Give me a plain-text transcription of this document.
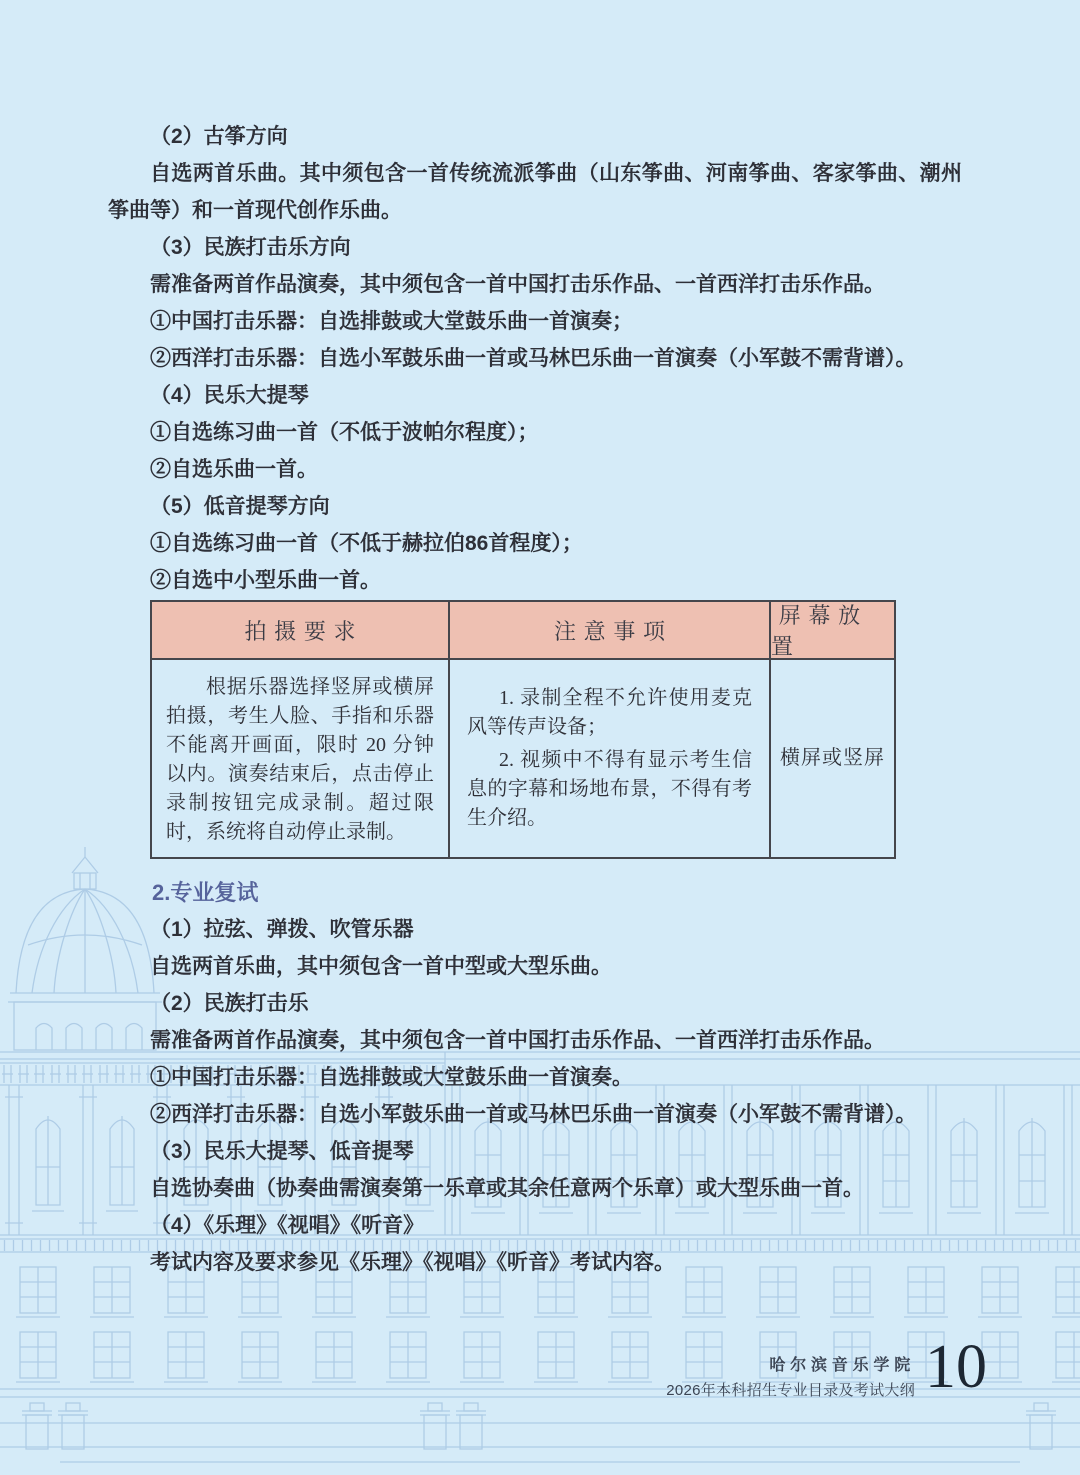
（2）古筝方向

自选两首乐曲。其中须包含一首传统流派筝曲（山东筝曲、河南筝曲、客家筝曲、潮州筝曲等）和一首现代创作乐曲。

（3）民族打击乐方向

需准备两首作品演奏，其中须包含一首中国打击乐作品、一首西洋打击乐作品。

①中国打击乐器：自选排鼓或大堂鼓乐曲一首演奏；

②西洋打击乐器：自选小军鼓乐曲一首或马林巴乐曲一首演奏（小军鼓不需背谱）。

（4）民乐大提琴

①自选练习曲一首（不低于波帕尔程度）；

②自选乐曲一首。

（5）低音提琴方向

①自选练习曲一首（不低于赫拉伯86首程度）；

②自选中小型乐曲一首。

拍摄要求	注意事项
屏幕放置

根据乐器选择竖屏或横屏拍摄，考生人脸、手指和乐器不能离开画面，限时 20 分钟以内。演奏结束后，点击停止录制按钮完成录制。超过限时，系统将自动停止录制。

1. 录制全程不允许使用麦克风等传声设备；

2. 视频中不得有显示考生信息的字幕和场地布景，不得有考生介绍。

横屏或竖屏

2.专业复试

（1）拉弦、弹拨、吹管乐器

自选两首乐曲，其中须包含一首中型或大型乐曲。

（2）民族打击乐

需准备两首作品演奏，其中须包含一首中国打击乐作品、一首西洋打击乐作品。

①中国打击乐器：自选排鼓或大堂鼓乐曲一首演奏。

②西洋打击乐器：自选小军鼓乐曲一首或马林巴乐曲一首演奏（小军鼓不需背谱）。

（3）民乐大提琴、低音提琴

自选协奏曲（协奏曲需演奏第一乐章或其余任意两个乐章）或大型乐曲一首。

（4）《乐理》《视唱》《听音》

考试内容及要求参见《乐理》《视唱》《听音》考试内容。

哈尔滨音乐学院
2026年本科招生专业目录及考试大纲 10
